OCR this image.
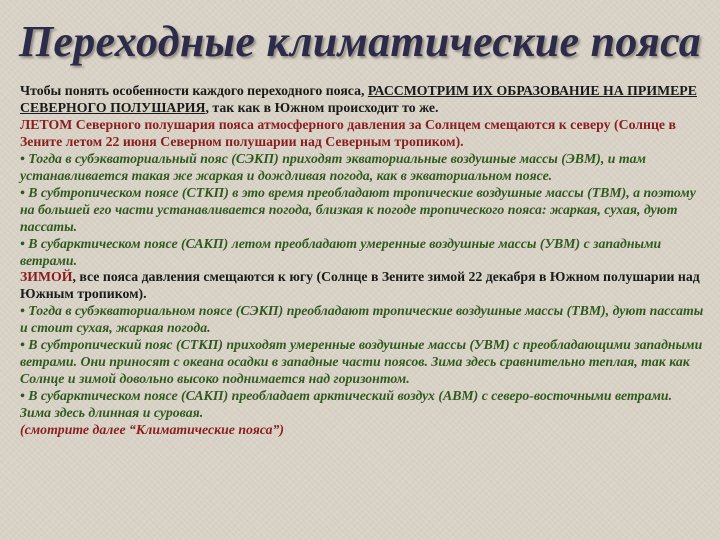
Переходные климатические пояса

Чтобы понять особенности каждого переходного пояса, РАССМОТРИМ ИХ ОБРАЗОВАНИЕ НА ПРИМЕРЕ СЕВЕРНОГО ПОЛУШАРИЯ, так как в Южном происходит то же.

ЛЕТОМ Северного полушария пояса атмосферного давления за Солнцем смещаются к северу (Солнце в Зените летом 22 июня Северном полушарии над Северным тропиком).

• Тогда в субэкваториальный пояс (СЭКП) приходят экваториальные воздушные массы (ЭВМ), и там устанавливается такая же жаркая и дождливая погода, как в экваториальном поясе.

• В субтропическом поясе (СТКП) в это время преобладают тропические воздушные массы (ТВМ), а поэтому на большей его части устанавливается погода, близкая к погоде тропического пояса: жаркая, сухая, дуют пассаты.

• В субарктическом поясе (САКП) летом преобладают умеренные воздушные массы (УВМ) с западными ветрами.

ЗИМОЙ, все пояса давления смещаются к югу (Солнце в Зените зимой 22 декабря в Южном полушарии над Южным тропиком).

• Тогда в субэкваториальном поясе (СЭКП) преобладают тропические воздушные массы (ТВМ), дуют пассаты и стоит сухая, жаркая погода.

• В субтропический пояс (СТКП) приходят умеренные воздушные массы (УВМ) с преобладающими западными ветрами. Они приносят с океана осадки в западные части поясов. Зима здесь сравнительно теплая, так как Солнце и зимой довольно высоко поднимается над горизонтом.

• В субарктическом поясе (САКП) преобладает арктический воздух (АВМ) с северо-восточными ветрами. Зима здесь длинная и суровая.

(смотрите далее “Климатические пояса”)
